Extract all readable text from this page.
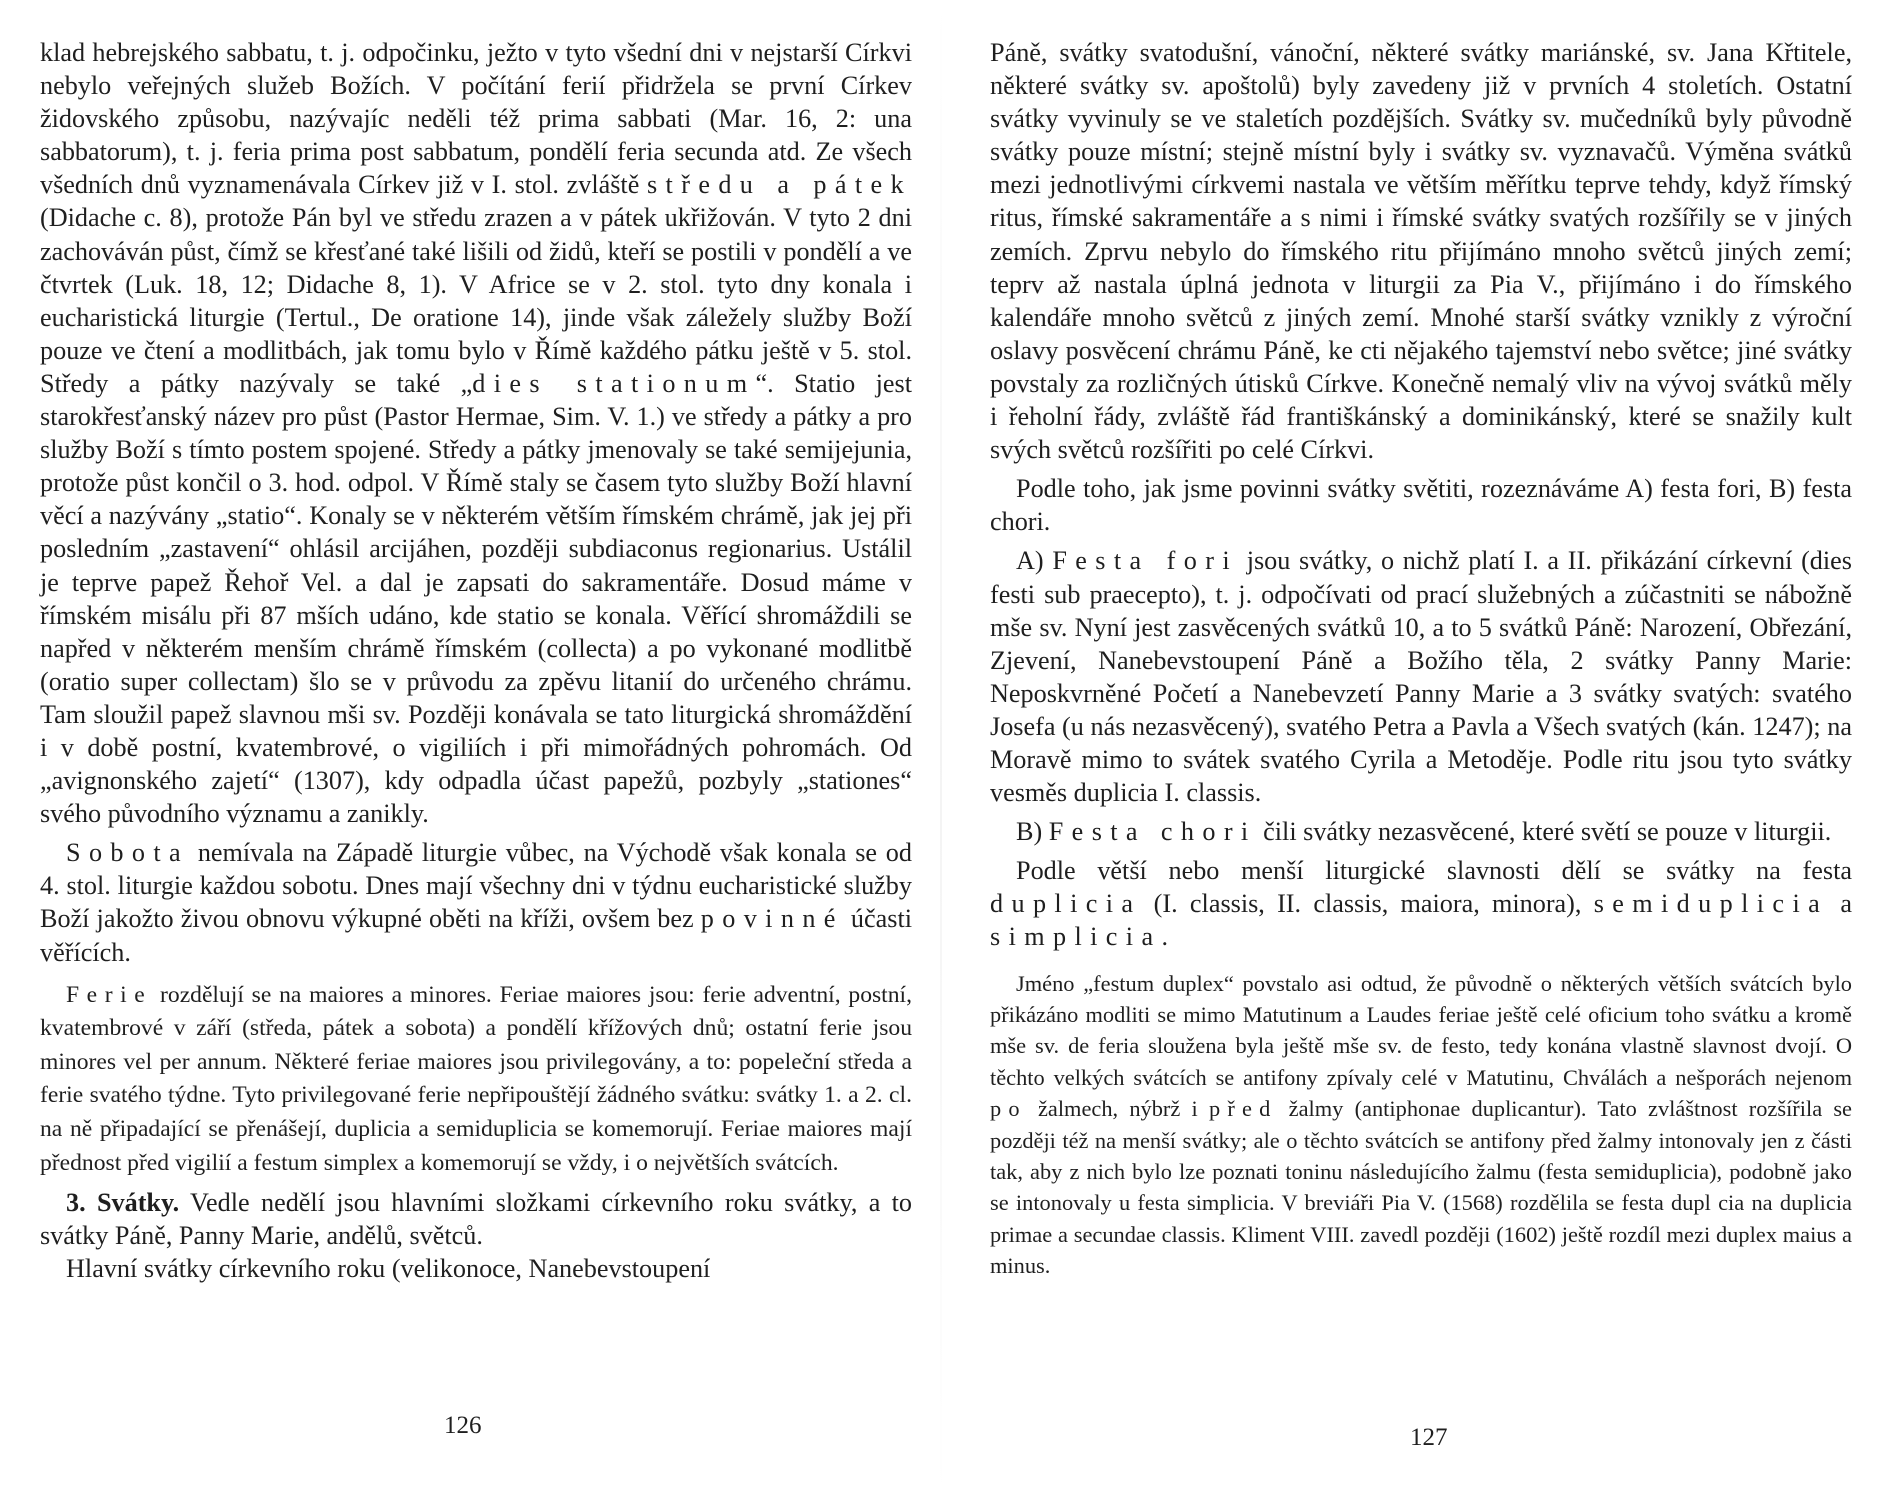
klad hebrejského sabbatu, t. j. odpočinku, ježto v tyto všední dni v nejstarší Církvi nebylo veřejných služeb Božích. V počítání ferií přidržela se první Církev židovského způsobu, nazývajíc neděli též prima sabbati (Mar. 16, 2: una sabbatorum), t. j. feria prima post sabbatum, pondělí feria secunda atd. Ze všech všedních dnů vyznamenávala Církev již v I. stol. zvláště středu a pátek (Didache c. 8), protože Pán byl ve středu zrazen a v pátek ukřižován. V tyto 2 dni zachováván půst, čímž se křesťané také lišili od židů, kteří se postili v pondělí a ve čtvrtek (Luk. 18, 12; Didache 8, 1). V Africe se v 2. stol. tyto dny konala i eucharistická liturgie (Tertul., De oratione 14), jinde však záležely služby Boží pouze ve čtení a modlitbách, jak tomu bylo v Římě každého pátku ještě v 5. stol. Středy a pátky nazývaly se také „dies stationum“. Statio jest starokřesťanský název pro půst (Pastor Hermae, Sim. V. 1.) ve středy a pátky a pro služby Boží s tímto postem spojené. Středy a pátky jmenovaly se také semijejunia, protože půst končil o 3. hod. odpol. V Římě staly se časem tyto služby Boží hlavní věcí a nazývány „statio“. Konaly se v některém větším římském chrámě, jak jej při posledním „zastavení“ ohlásil arcijáhen, později subdiaconus regionarius. Ustálil je teprve papež Řehoř Vel. a dal je zapsati do sakramentáře. Dosud máme v římském misálu při 87 mších udáno, kde statio se konala. Věřící shromáždili se napřed v některém menším chrámě římském (collecta) a po vykonané modlitbě (oratio super collectam) šlo se v průvodu za zpěvu litanií do určeného chrámu. Tam sloužil papež slavnou mši sv. Později konávala se tato liturgická shromáždění i v době postní, kvatembrové, o vigiliích i při mimořádných pohromách. Od „avignonského zajetí“ (1307), kdy odpadla účast papežů, pozbyly „stationes“ svého původního významu a zanikly.

Sobota nemívala na Západě liturgie vůbec, na Východě však konala se od 4. stol. liturgie každou sobotu. Dnes mají všechny dni v týdnu eucharistické služby Boží jakožto živou obnovu výkupné oběti na kříži, ovšem bez povinné účasti věřících.

Ferie rozdělují se na maiores a minores. Feriae maiores jsou: ferie adventní, postní, kvatembrové v září (středa, pátek a sobota) a pondělí křížových dnů; ostatní ferie jsou minores vel per annum. Některé feriae maiores jsou privilegovány, a to: popeleční středa a ferie svatého týdne. Tyto privilegované ferie nepřipouštějí žádného svátku: svátky 1. a 2. cl. na ně připadající se přenášejí, duplicia a semiduplicia se komemorují. Feriae maiores mají přednost před vigilií a festum simplex a komemorují se vždy, i o největších svátcích.

3. Svátky. Vedle nedělí jsou hlavními složkami církevního roku svátky, a to svátky Páně, Panny Marie, andělů, světců.

Hlavní svátky církevního roku (velikonoce, Nanebevstoupení

Páně, svátky svatodušní, vánoční, některé svátky mariánské, sv. Jana Křtitele, některé svátky sv. apoštolů) byly zavedeny již v prvních 4 stoletích. Ostatní svátky vyvinuly se ve staletích pozdějších. Svátky sv. mučedníků byly původně svátky pouze místní; stejně místní byly i svátky sv. vyznavačů. Výměna svátků mezi jednotlivými církvemi nastala ve větším měřítku teprve tehdy, když římský ritus, římské sakramentáře a s nimi i římské svátky svatých rozšířily se v jiných zemích. Zprvu nebylo do římského ritu přijímáno mnoho světců jiných zemí; teprv až nastala úplná jednota v liturgii za Pia V., přijímáno i do římského kalendáře mnoho světců z jiných zemí. Mnohé starší svátky vznikly z výroční oslavy posvěcení chrámu Páně, ke cti nějakého tajemství nebo světce; jiné svátky povstaly za rozličných útisků Církve. Konečně nemalý vliv na vývoj svátků měly i řeholní řády, zvláště řád františkánský a dominikánský, které se snažily kult svých světců rozšířiti po celé Církvi.

Podle toho, jak jsme povinni svátky světiti, rozeznáváme A) festa fori, B) festa chori.

A) Festa fori jsou svátky, o nichž platí I. a II. přikázání církevní (dies festi sub praecepto), t. j. odpočívati od prací služebných a zúčastniti se nábožně mše sv. Nyní jest zasvěcených svátků 10, a to 5 svátků Páně: Narození, Obřezání, Zjevení, Nanebevstoupení Páně a Božího těla, 2 svátky Panny Marie: Neposkvrněné Početí a Nanebevzetí Panny Marie a 3 svátky svatých: svatého Josefa (u nás nezasvěcený), svatého Petra a Pavla a Všech svatých (kán. 1247); na Moravě mimo to svátek svatého Cyrila a Metoděje. Podle ritu jsou tyto svátky vesměs duplicia I. classis.

B) Festa chori čili svátky nezasvěcené, které světí se pouze v liturgii.

Podle větší nebo menší liturgické slavnosti dělí se svátky na festa duplicia (I. classis, II. classis, maiora, minora), semiduplicia a simplicia.

Jméno „festum duplex“ povstalo asi odtud, že původně o některých větších svátcích bylo přikázáno modliti se mimo Matutinum a Laudes feriae ještě celé oficium toho svátku a kromě mše sv. de feria sloužena byla ještě mše sv. de festo, tedy konána vlastně slavnost dvojí. O těchto velkých svátcích se antifony zpívaly celé v Matutinu, Chválách a nešporách nejenom po žalmech, nýbrž i před žalmy (antiphonae duplicantur). Tato zvláštnost rozšířila se později též na menší svátky; ale o těchto svátcích se antifony před žalmy intonovaly jen z části tak, aby z nich bylo lze poznati toninu následujícího žalmu (festa semiduplicia), podobně jako se intonovaly u festa simplicia. V breviáři Pia V. (1568) rozdělila se festa dupl cia na duplicia primae a secundae classis. Kliment VIII. zavedl později (1602) ještě rozdíl mezi duplex maius a minus.

126	127
